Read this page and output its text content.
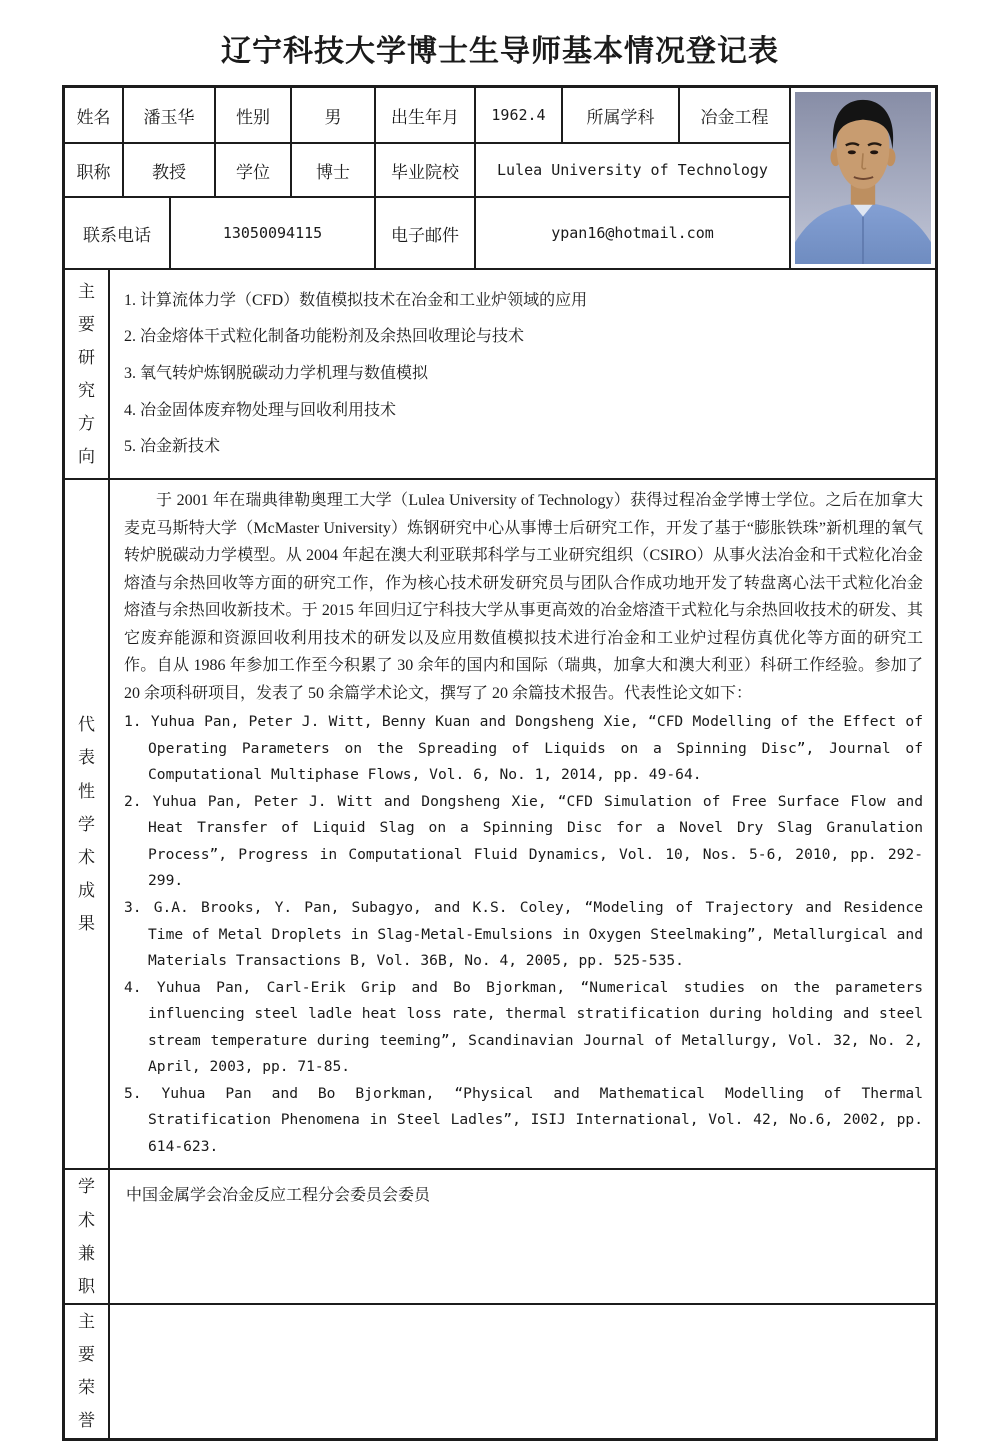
辽宁科技大学博士生导师基本情况登记表
姓名	潘玉华	性别	男	出生年月	1962.4	所属学科	冶金工程
职称	教授	学位	博士	毕业院校	Lulea University of Technology
联系电话	13050094115	电子邮件	ypan16@hotmail.com
主要研究方向
1. 计算流体力学（CFD）数值模拟技术在冶金和工业炉领域的应用
2. 冶金熔体干式粒化制备功能粉剂及余热回收理论与技术
3. 氧气转炉炼钢脱碳动力学机理与数值模拟
4. 冶金固体废弃物处理与回收利用技术
5. 冶金新技术
代表性学术成果

于 2001 年在瑞典律勒奥理工大学（Lulea University of Technology）获得过程冶金学博士学位。之后在加拿大麦克马斯特大学（McMaster University）炼钢研究中心从事博士后研究工作，开发了基于“膨胀铁珠”新机理的氧气转炉脱碳动力学模型。从 2004 年起在澳大利亚联邦科学与工业研究组织（CSIRO）从事火法冶金和干式粒化冶金熔渣与余热回收等方面的研究工作，作为核心技术研发研究员与团队合作成功地开发了转盘离心法干式粒化冶金熔渣与余热回收新技术。于 2015 年回归辽宁科技大学从事更高效的冶金熔渣干式粒化与余热回收技术的研发、其它废弃能源和资源回收利用技术的研发以及应用数值模拟技术进行冶金和工业炉过程仿真优化等方面的研究工作。自从 1986 年参加工作至今积累了 30 余年的国内和国际（瑞典，加拿大和澳大利亚）科研工作经验。参加了 20 余项科研项目，发表了 50 余篇学术论文，撰写了 20 余篇技术报告。代表性论文如下：

1. Yuhua Pan, Peter J. Witt, Benny Kuan and Dongsheng Xie, “CFD Modelling of the Effect of Operating Parameters on the Spreading of Liquids on a Spinning Disc”, Journal of Computational Multiphase Flows, Vol. 6, No. 1, 2014, pp. 49-64.

2. Yuhua Pan, Peter J. Witt and Dongsheng Xie, “CFD Simulation of Free Surface Flow and Heat Transfer of Liquid Slag on a Spinning Disc for a Novel Dry Slag Granulation Process”, Progress in Computational Fluid Dynamics, Vol. 10, Nos. 5-6, 2010, pp. 292-299.

3. G.A. Brooks, Y. Pan, Subagyo, and K.S. Coley, “Modeling of Trajectory and Residence Time of Metal Droplets in Slag-Metal-Emulsions in Oxygen Steelmaking”, Metallurgical and Materials Transactions B, Vol. 36B, No. 4, 2005, pp. 525-535.

4. Yuhua Pan, Carl-Erik Grip and Bo Bjorkman, “Numerical studies on the parameters influencing steel ladle heat loss rate, thermal stratification during holding and steel stream temperature during teeming”, Scandinavian Journal of Metallurgy, Vol. 32, No. 2, April, 2003, pp. 71-85.

5. Yuhua Pan and Bo Bjorkman, “Physical and Mathematical Modelling of Thermal Stratification Phenomena in Steel Ladles”, ISIJ International, Vol. 42, No.6, 2002, pp. 614-623.

学术兼职
中国金属学会冶金反应工程分会委员会委员
主要荣誉
